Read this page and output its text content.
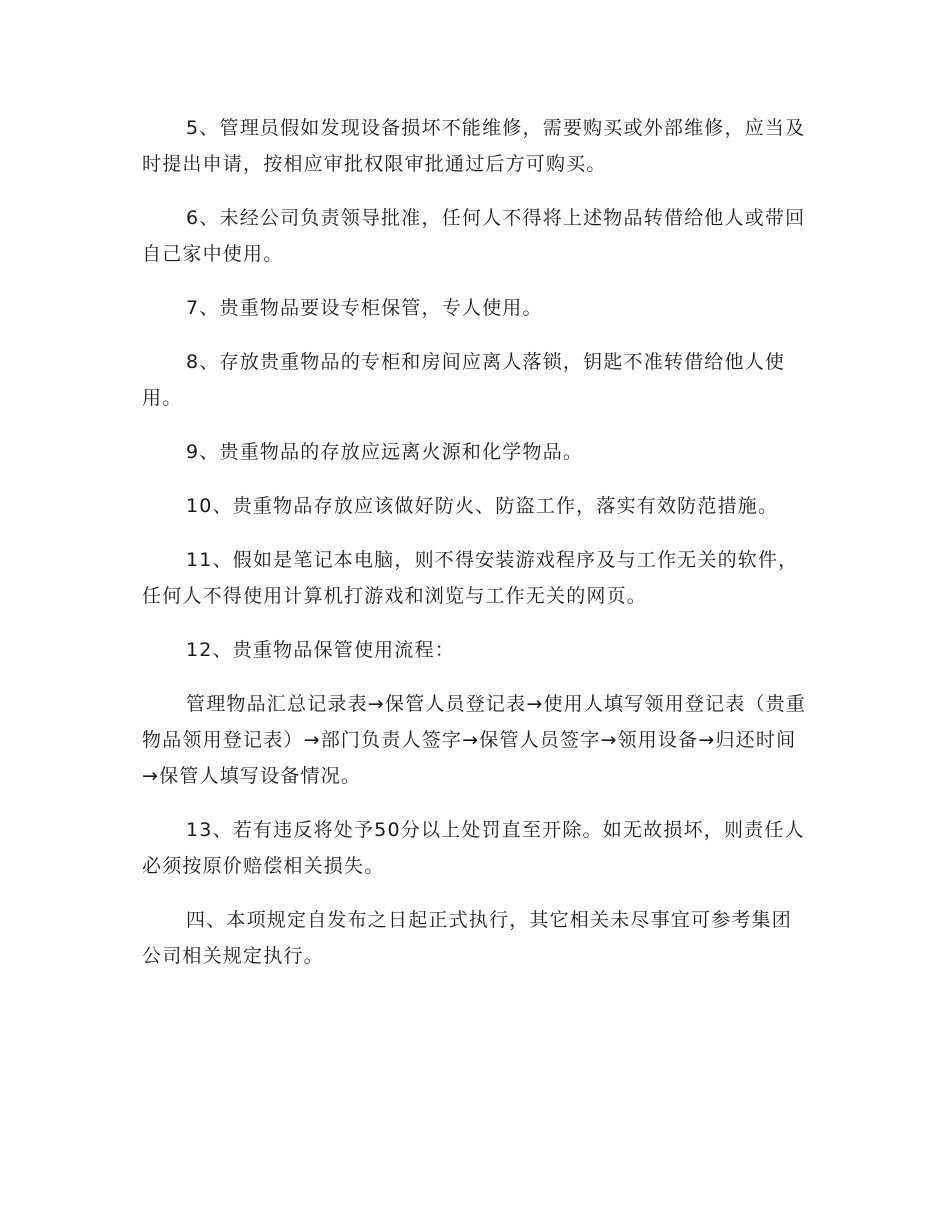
5、管理员假如发现设备损坏不能维修，需要购买或外部维修，应当及时提出申请，按相应审批权限审批通过后方可购买。

6、未经公司负责领导批准，任何人不得将上述物品转借给他人或带回自己家中使用。

7、贵重物品要设专柜保管，专人使用。

8、存放贵重物品的专柜和房间应离人落锁，钥匙不准转借给他人使用。

9、贵重物品的存放应远离火源和化学物品。

10、贵重物品存放应该做好防火、防盗工作，落实有效防范措施。

11、假如是笔记本电脑，则不得安装游戏程序及与工作无关的软件，任何人不得使用计算机打游戏和浏览与工作无关的网页。

12、贵重物品保管使用流程：

管理物品汇总记录表→保管人员登记表→使用人填写领用登记表（贵重物品领用登记表）→部门负责人签字→保管人员签字→领用设备→归还时间→保管人填写设备情况。

13、若有违反将处予50分以上处罚直至开除。如无故损坏，则责任人必须按原价赔偿相关损失。

四、本项规定自发布之日起正式执行，其它相关未尽事宜可参考集团公司相关规定执行。
